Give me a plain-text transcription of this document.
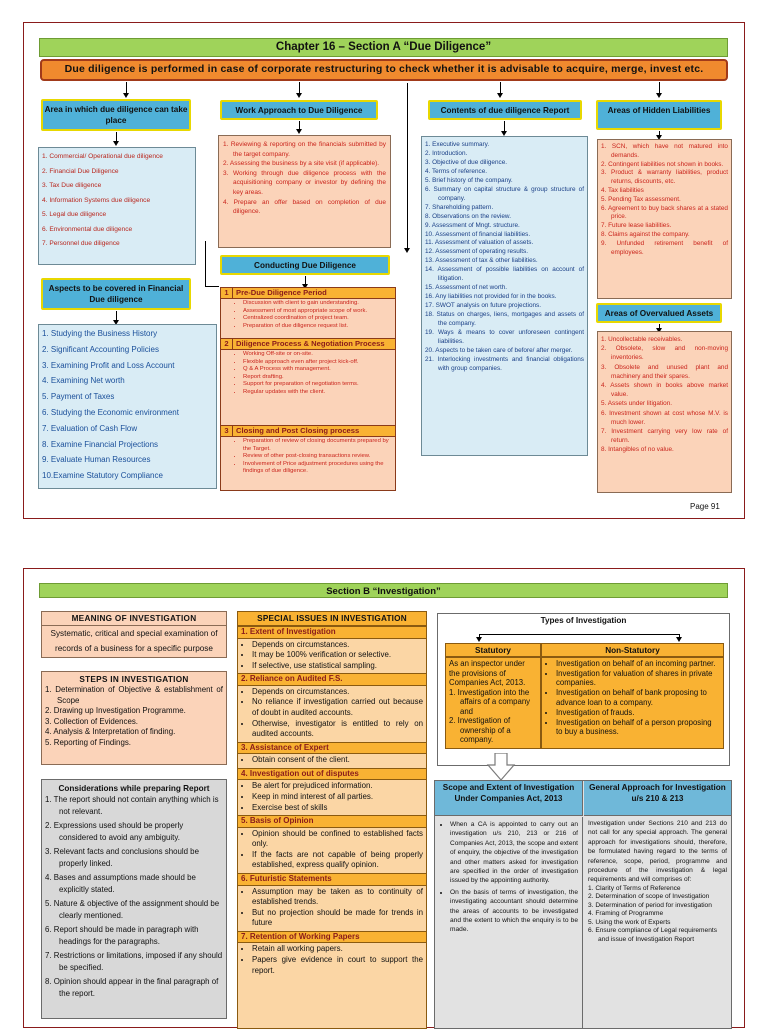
Chapter 16 – Section A “Due Diligence”
Due diligence is performed in case of corporate restructuring to check whether it is advisable to acquire, merge, invest etc.
Area in which due diligence can take place
1. Commercial/ Operational due diligence
2. Financial Due Diligence
3. Tax Due diligence
4. Information Systems due diligence
5. Legal due diligence
6. Environmental due diligence
7. Personnel due diligence
Aspects to be covered in Financial Due diligence
1. Studying the Business History
2. Significant Accounting Policies
3. Examining Profit and Loss Account
4. Examining Net worth
5. Payment of Taxes
6. Studying the Economic environment
7. Evaluation of Cash Flow
8. Examine Financial Projections
9. Evaluate Human Resources
10.Examine Statutory Compliance
Work Approach to Due Diligence
1. Reviewing & reporting on the financials submitted by the target company.
2. Assessing the business by a site visit (if applicable).
3. Working through due diligence process with the acquisitioning company or investor by defining the key areas.
4. Prepare an offer based on completion of due diligence.
Conducting Due Diligence
1 Pre-Due Diligence Period
• Discussion with client to gain understanding.
• Assessment of most appropriate scope of work.
• Centralized coordination of project team.
• Preparation of due diligence request list.
2 Diligence Process & Negotiation Process
• Working Off-site or on-site.
• Flexible approach even after project kick-off.
• Q & A Process with management.
• Report drafting.
• Support for preparation of negotiation terms.
• Regular updates with the client.
3 Closing and Post Closing process
• Preparation of review of closing documents prepared by the Target.
• Review of other post-closing transactions review.
• Involvement of Price adjustment procedures using the findings of due diligence.
Contents of due diligence Report
1. Executive summary.
2. Introduction.
3. Objective of due diligence.
4. Terms of reference.
5. Brief history of the company.
6. Summary on capital structure & group structure of company.
7. Shareholding pattern.
8. Observations on the review.
9. Assessment of Mngt. structure.
10. Assessment of financial liabilities.
11. Assessment of valuation of assets.
12. Assessment of operating results.
13. Assessment of tax & other liabilities.
14. Assessment of possible liabilities on account of litigation.
15. Assessment of net worth.
16. Any liabilities not provided for in the books.
17. SWOT analysis on future projections.
18. Status on charges, liens, mortgages and assets of the company.
19. Ways & means to cover unforeseen contingent liabilities.
20. Aspects to be taken care of before/ after merger.
21. Interlocking investments and financial obligations with group companies.
Areas of Hidden Liabilities
1. SCN, which have not matured into demands.
2. Contingent liabilities not shown in books.
3. Product & warranty liabilities, product returns, discounts, etc.
4. Tax liabilities
5. Pending Tax assessment.
6. Agreement to buy back shares at a stated price.
7. Future lease liabilities.
8. Claims against the company.
9. Unfunded retirement benefit of employees.
Areas of Overvalued Assets
1. Uncollectable receivables.
2. Obsolete, slow and non-moving inventories.
3. Obsolete and unused plant and machinery and their spares.
4. Assets shown in books above market value.
5. Assets under litigation.
6. Investment shown at cost whose M.V. is much lower.
7. Investment carrying very low rate of return.
8. Intangibles of no value.
Page 91
Section B “Investigation”
MEANING OF INVESTIGATION
Systematic, critical and special examination of records of a business for a specific purpose
STEPS IN INVESTIGATION
1. Determination of Objective & establishment of Scope
2. Drawing up Investigation Programme.
3. Collection of Evidences.
4. Analysis & Interpretation of finding.
5. Reporting of Findings.
Considerations while preparing Report
1. The report should not contain anything which is not relevant.
2. Expressions used should be properly considered to avoid any ambiguity.
3. Relevant facts and conclusions should be properly linked.
4. Bases and assumptions made should be explicitly stated.
5. Nature & objective of the assignment should be clearly mentioned.
6. Report should be made in paragraph with headings for the paragraphs.
7. Restrictions or limitations, imposed if any should be specified.
8. Opinion should appear in the final paragraph of the report.
SPECIAL ISSUES IN INVESTIGATION
1. Extent of Investigation
• Depends on circumstances.
• It may be 100% verification or selective.
• If selective, use statistical sampling.
2. Reliance on Audited F.S.
• Depends on circumstances.
• No reliance if investigation carried out because of doubt in audited accounts.
• Otherwise, investigator is entitled to rely on audited accounts.
3. Assistance of Expert
• Obtain consent of the client.
4. Investigation out of disputes
• Be alert for prejudiced information.
• Keep in mind interest of all parties.
• Exercise best of skills
5. Basis of Opinion
• Opinion should be confined to established facts only.
• If the facts are not capable of being properly established, express qualify opinion.
6. Futuristic Statements
• Assumption may be taken as to continuity of established trends.
• But no projection should be made for trends in future
7. Retention of Working Papers
• Retain all working papers.
• Papers give evidence in court to support the report.
Types of Investigation
Statutory	Non-Statutory
As an inspector under the provisions of Companies Act, 2013.
1. Investigation into the affairs of a company and
2. Investigation of ownership of a company.
• Investigation on behalf of an incoming partner.
• Investigation for valuation of shares in private companies.
• Investigation on behalf of bank proposing to advance loan to a company.
• Investigation of frauds.
• Investigation on behalf of a person proposing to buy a business.
Scope and Extent of Investigation Under Companies Act, 2013
General Approach for Investigation u/s 210 & 213
• When a CA is appointed to carry out an investigation u/s 210, 213 or 216 of Companies Act, 2013, the scope and extent of enquiry, the objective of the investigation and other matters asked for investigation are specified in the order of investigation issued by the appointing authority.
• On the basis of terms of investigation, the investigating accountant should determine the areas of accounts to be investigated and the extent to which the enquiry is to be made.
Investigation under Sections 210 and 213 do not call for any special approach. The general approach for investigations should, therefore, be formulated having regard to the terms of reference, scope, period, programme and procedure of the investigation & legal requirements and will comprises of:
1. Clarity of Terms of Reference
2. Determination of scope of Investigation
3. Determination of period for investigation
4. Framing of Programme
5. Using the work of Experts
6. Ensure compliance of Legal requirements and issue of Investigation Report
